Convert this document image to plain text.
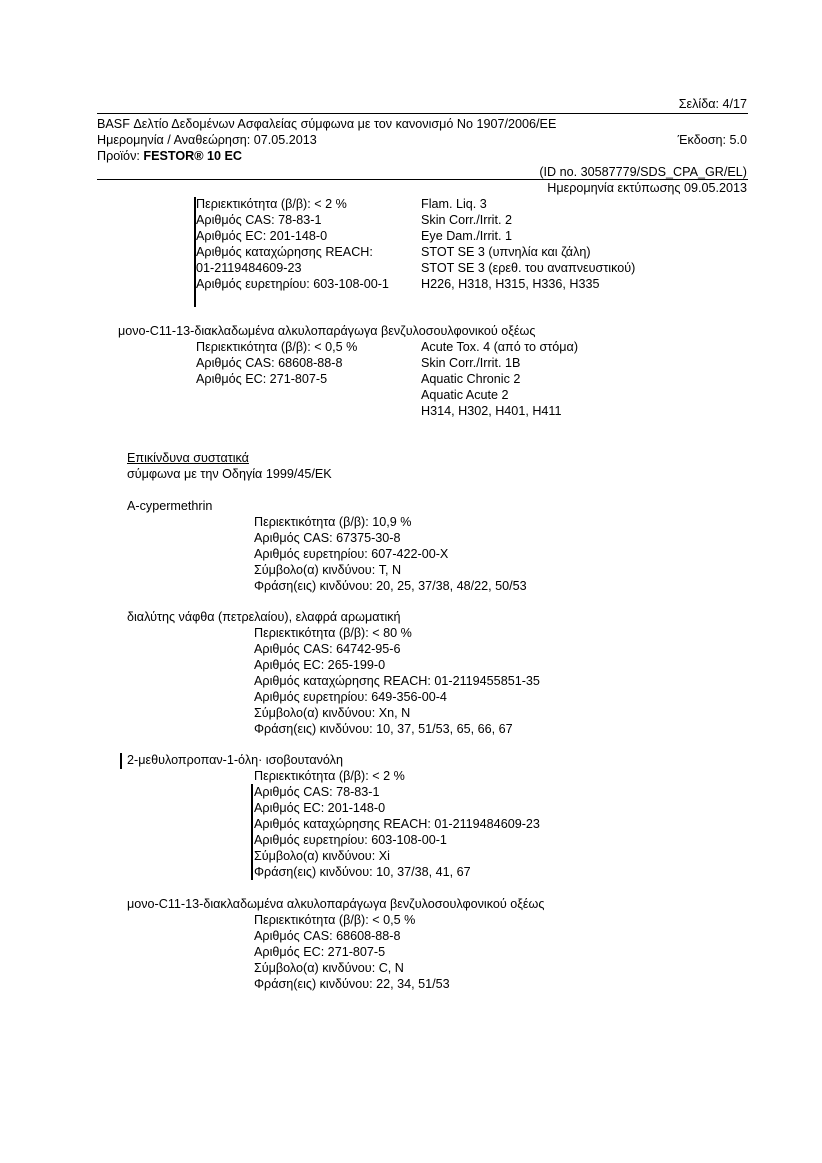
Σελίδα: 4/17
BASF Δελτίο Δεδομένων Ασφαλείας σύμφωνα με τον κανονισμό Νο 1907/2006/ΕΕ
Ημερομηνία / Αναθεώρηση: 07.05.2013	Έκδοση: 5.0
Προϊόν: FESTOR® 10 EC
(ID no. 30587779/SDS_CPA_GR/EL)
Ημερομηνία εκτύπωσης 09.05.2013
Περιεκτικότητα (β/β): < 2 %
Αριθμός CAS: 78-83-1
Αριθμός EC: 201-148-0
Αριθμός καταχώρησης REACH:
01-2119484609-23
Αριθμός ευρετηρίου: 603-108-00-1
Flam. Liq. 3
Skin Corr./Irrit. 2
Eye Dam./Irrit. 1
STOT SE 3 (υπνηλία και ζάλη)
STOT SE 3 (ερεθ. του αναπνευστικού)
H226, H318, H315, H336, H335
μονο-C11-13-διακλαδωμένα αλκυλοπαράγωγα βενζυλοσουλφονικού οξέως
Περιεκτικότητα (β/β): < 0,5 %
Αριθμός CAS: 68608-88-8
Αριθμός EC: 271-807-5
Acute Tox. 4 (από το στόμα)
Skin Corr./Irrit. 1B
Aquatic Chronic 2
Aquatic Acute 2
H314, H302, H401, H411
Επικίνδυνα συστατικά
σύμφωνα με την Οδηγία 1999/45/ΕΚ
A-cypermethrin
Περιεκτικότητα (β/β): 10,9 %
Αριθμός CAS: 67375-30-8
Αριθμός ευρετηρίου: 607-422-00-X
Σύμβολο(α) κινδύνου: T, N
Φράση(εις) κινδύνου: 20, 25, 37/38, 48/22, 50/53
διαλύτης νάφθα (πετρελαίου), ελαφρά αρωματική
Περιεκτικότητα (β/β): < 80 %
Αριθμός CAS: 64742-95-6
Αριθμός EC: 265-199-0
Αριθμός καταχώρησης REACH: 01-2119455851-35
Αριθμός ευρετηρίου: 649-356-00-4
Σύμβολο(α) κινδύνου: Xn, N
Φράση(εις) κινδύνου: 10, 37, 51/53, 65, 66, 67
2-μεθυλοπροπαν-1-όλη· ισοβουτανόλη
Περιεκτικότητα (β/β): < 2 %
Αριθμός CAS: 78-83-1
Αριθμός EC: 201-148-0
Αριθμός καταχώρησης REACH: 01-2119484609-23
Αριθμός ευρετηρίου: 603-108-00-1
Σύμβολο(α) κινδύνου: Xi
Φράση(εις) κινδύνου: 10, 37/38, 41, 67
μονο-C11-13-διακλαδωμένα αλκυλοπαράγωγα βενζυλοσουλφονικού οξέως
Περιεκτικότητα (β/β): < 0,5 %
Αριθμός CAS: 68608-88-8
Αριθμός EC: 271-807-5
Σύμβολο(α) κινδύνου: C, N
Φράση(εις) κινδύνου: 22, 34, 51/53
